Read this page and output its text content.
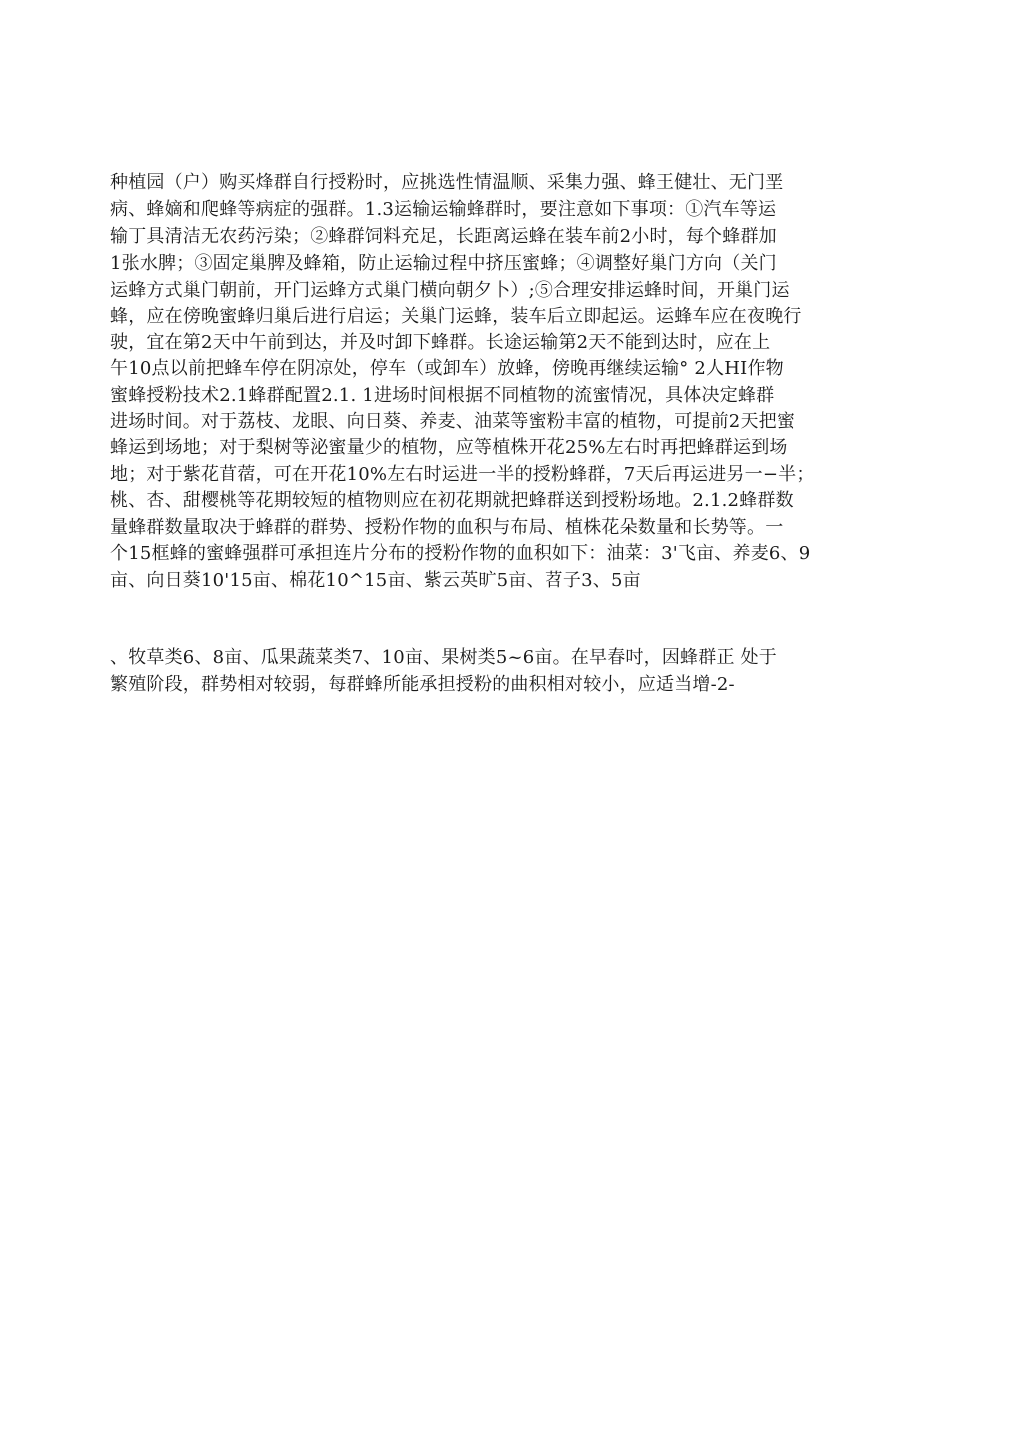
种植园（户）购买烽群自行授粉时，应挑选性情温顺、采集力强、蜂王健壮、无门垩
病、蜂嫡和爬蜂等病症的强群。1.3运输运输蜂群时，要注意如下事项：①汽车等运
输丁具清洁无农药污染；②蜂群饲料充足，长距离运蜂在装车前2小时，每个蜂群加
1张水脾；③固定巢脾及蜂箱，防止运输过程中挤压蜜蜂；④调整好巢门方向（关门
运蜂方式巢门朝前，开门运蜂方式巢门横向朝夕卜）;⑤合理安排运蜂时间，开巢门运
蜂，应在傍晚蜜蜂归巢后进行启运；关巢门运蜂，装车后立即起运。运蜂车应在夜晚行
驶，宜在第2天中午前到达，并及吋卸下蜂群。长途运输第2天不能到达时，应在上
午10点以前把蜂车停在阴凉处，停车（或卸车）放蜂，傍晚再继续运输° 2人HI作物
蜜蜂授粉技术2.1蜂群配置2.1. 1进场时间根据不同植物的流蜜情况，具体决定蜂群
进场时间。对于荔枝、龙眼、向日葵、养麦、油菜等蜜粉丰富的植物，可提前2天把蜜
蜂运到场地；对于梨树等泌蜜量少的植物，应等植株开花25%左右时再把蜂群运到场
地；对于紫花苜蓿，可在开花10%左右时运进一半的授粉蜂群，7天后再运进另一−半；
桃、杏、甜樱桃等花期较短的植物则应在初花期就把蜂群送到授粉场地。2.1.2蜂群数
量蜂群数量取决于蜂群的群势、授粉作物的血积与布局、植株花朵数量和长势等。一
个15框蜂的蜜蜂强群可承担连片分布的授粉作物的血积如下：油菜：3'飞亩、养麦6、9
亩、向日葵10'15亩、棉花10^15亩、紫云英旷5亩、苕子3、5亩
、牧草类6、8亩、瓜果蔬菜类7、10亩、果树类5~6亩。在早春吋，因蜂群正 处于
繁殖阶段，群势相对较弱，每群蜂所能承担授粉的曲积相对较小，应适当增-2-
